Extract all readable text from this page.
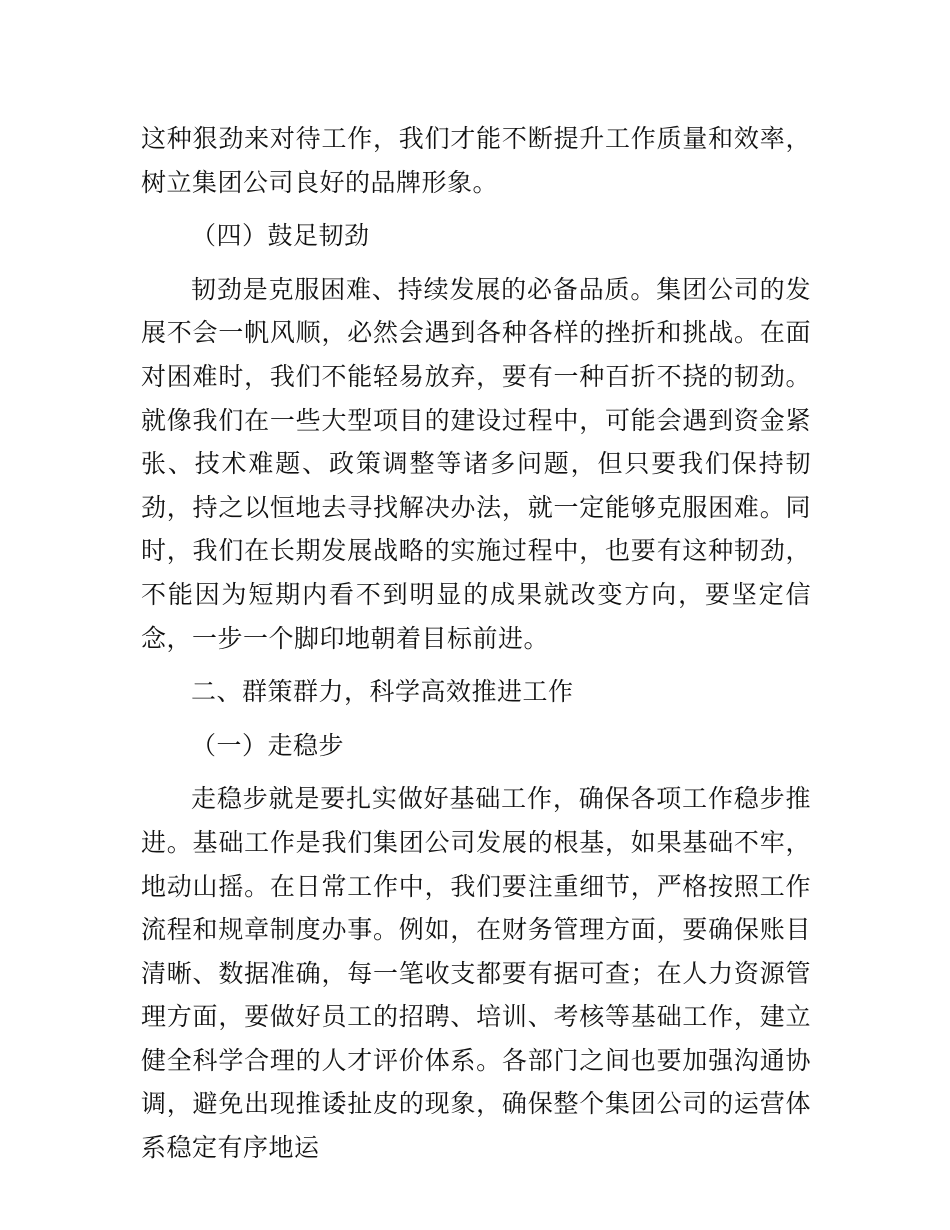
这种狠劲来对待工作，我们才能不断提升工作质量和效率，树立集团公司良好的品牌形象。

（四）鼓足韧劲

韧劲是克服困难、持续发展的必备品质。集团公司的发展不会一帆风顺，必然会遇到各种各样的挫折和挑战。在面对困难时，我们不能轻易放弃，要有一种百折不挠的韧劲。就像我们在一些大型项目的建设过程中，可能会遇到资金紧张、技术难题、政策调整等诸多问题，但只要我们保持韧劲，持之以恒地去寻找解决办法，就一定能够克服困难。同时，我们在长期发展战略的实施过程中，也要有这种韧劲，不能因为短期内看不到明显的成果就改变方向，要坚定信念，一步一个脚印地朝着目标前进。

二、群策群力，科学高效推进工作

（一）走稳步

走稳步就是要扎实做好基础工作，确保各项工作稳步推进。基础工作是我们集团公司发展的根基，如果基础不牢，地动山摇。在日常工作中，我们要注重细节，严格按照工作流程和规章制度办事。例如，在财务管理方面，要确保账目清晰、数据准确，每一笔收支都要有据可查；在人力资源管理方面，要做好员工的招聘、培训、考核等基础工作，建立健全科学合理的人才评价体系。各部门之间也要加强沟通协调，避免出现推诿扯皮的现象，确保整个集团公司的运营体系稳定有序地运
